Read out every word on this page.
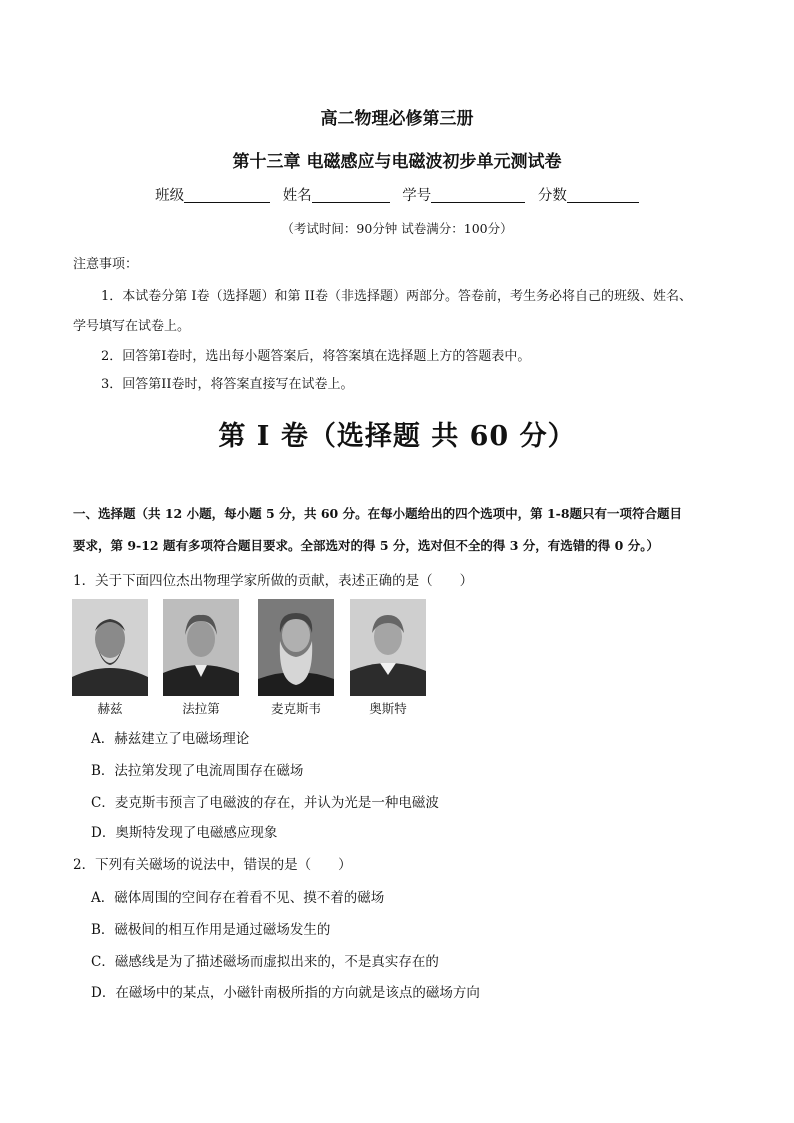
高二物理必修第三册
第十三章 电磁感应与电磁波初步单元测试卷
班级	姓名	学号	分数
（考试时间：90分钟 试卷满分：100分）
注意事项：
1．本试卷分第 I卷（选择题）和第 II卷（非选择题）两部分。答卷前，考生务必将自己的班级、姓名、
学号填写在试卷上。
2．回答第I卷时，选出每小题答案后，将答案填在选择题上方的答题表中。
3．回答第II卷时，将答案直接写在试卷上。
第 I 卷（选择题 共 60 分）
一、选择题（共 12 小题，每小题 5 分，共 60 分。在每小题给出的四个选项中，第 1-8题只有一项符合题目
要求，第 9-12 题有多项符合题目要求。全部选对的得 5 分，选对但不全的得 3 分，有选错的得 0 分。）
1．关于下面四位杰出物理学家所做的贡献，表述正确的是（　　）
赫兹	法拉第	麦克斯韦	奥斯特
A．赫兹建立了电磁场理论
B．法拉第发现了电流周围存在磁场
C．麦克斯韦预言了电磁波的存在，并认为光是一种电磁波
D．奥斯特发现了电磁感应现象
2．下列有关磁场的说法中，错误的是（　　）
A．磁体周围的空间存在着看不见、摸不着的磁场
B．磁极间的相互作用是通过磁场发生的
C．磁感线是为了描述磁场而虚拟出来的，不是真实存在的
D．在磁场中的某点，小磁针南极所指的方向就是该点的磁场方向
